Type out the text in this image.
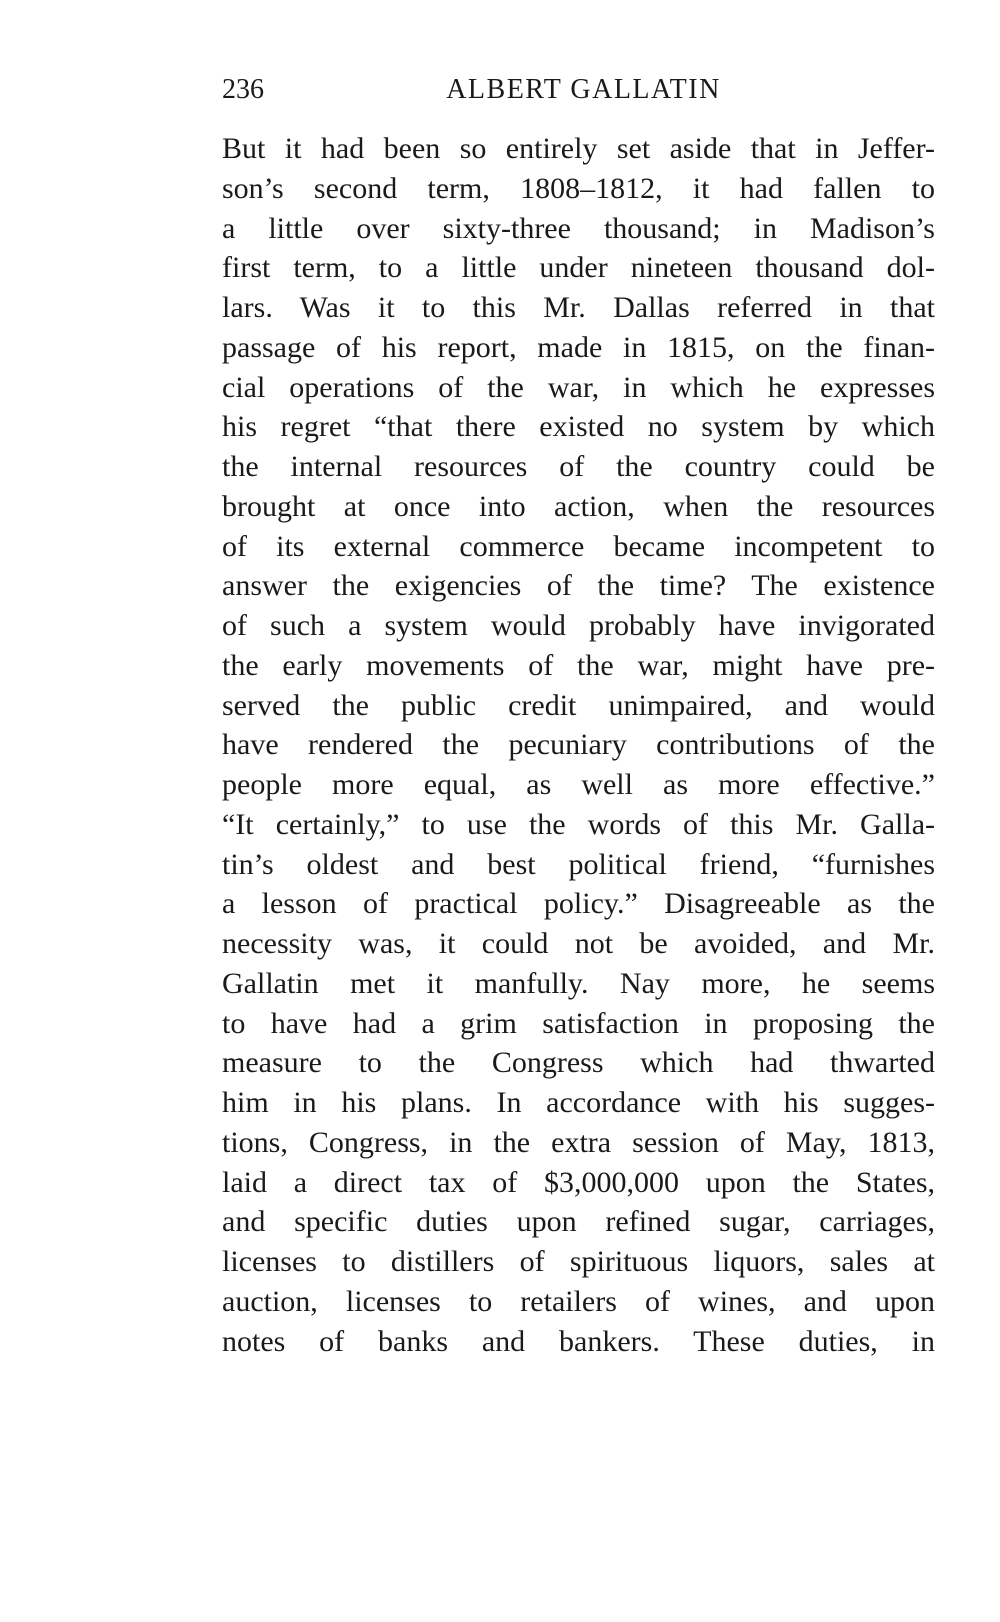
236	ALBERT GALLATIN
But it had been so entirely set aside that in Jeffer-
son’s second term, 1808–1812, it had fallen to
a little over sixty-three thousand; in Madison’s
first term, to a little under nineteen thousand dol-
lars. Was it to this Mr. Dallas referred in that
passage of his report, made in 1815, on the finan-
cial operations of the war, in which he expresses
his regret “that there existed no system by which
the internal resources of the country could be
brought at once into action, when the resources
of its external commerce became incompetent to
answer the exigencies of the time? The existence
of such a system would probably have invigorated
the early movements of the war, might have pre-
served the public credit unimpaired, and would
have rendered the pecuniary contributions of the
people more equal, as well as more effective.”
“It certainly,” to use the words of this Mr. Galla-
tin’s oldest and best political friend, “furnishes
a lesson of practical policy.” Disagreeable as the
necessity was, it could not be avoided, and Mr.
Gallatin met it manfully. Nay more, he seems
to have had a grim satisfaction in proposing the
measure to the Congress which had thwarted
him in his plans. In accordance with his sugges-
tions, Congress, in the extra session of May, 1813,
laid a direct tax of $3,000,000 upon the States,
and specific duties upon refined sugar, carriages,
licenses to distillers of spirituous liquors, sales at
auction, licenses to retailers of wines, and upon
notes of banks and bankers. These duties, in
